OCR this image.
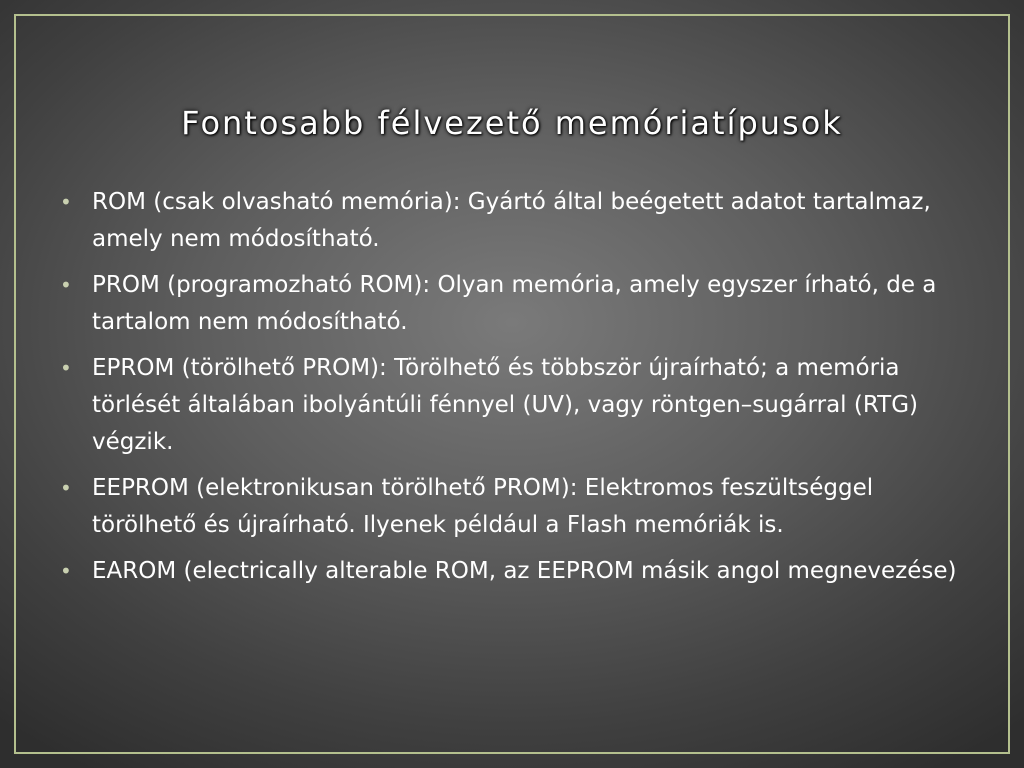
Fontosabb félvezető memóriatípusok
• ROM (csak olvasható memória): Gyártó által beégetett adatot tartalmaz, amely nem módosítható.
• PROM (programozható ROM): Olyan memória, amely egyszer írható, de a tartalom nem módosítható.
• EPROM (törölhető PROM): Törölhető és többször újraírható; a memória törlését általában ibolyántúli fénnyel (UV), vagy röntgen–sugárral (RTG) végzik.
• EEPROM (elektronikusan törölhető PROM): Elektromos feszültséggel törölhető és újraírható. Ilyenek például a Flash memóriák is.
• EAROM (electrically alterable ROM, az EEPROM másik angol megnevezése)
